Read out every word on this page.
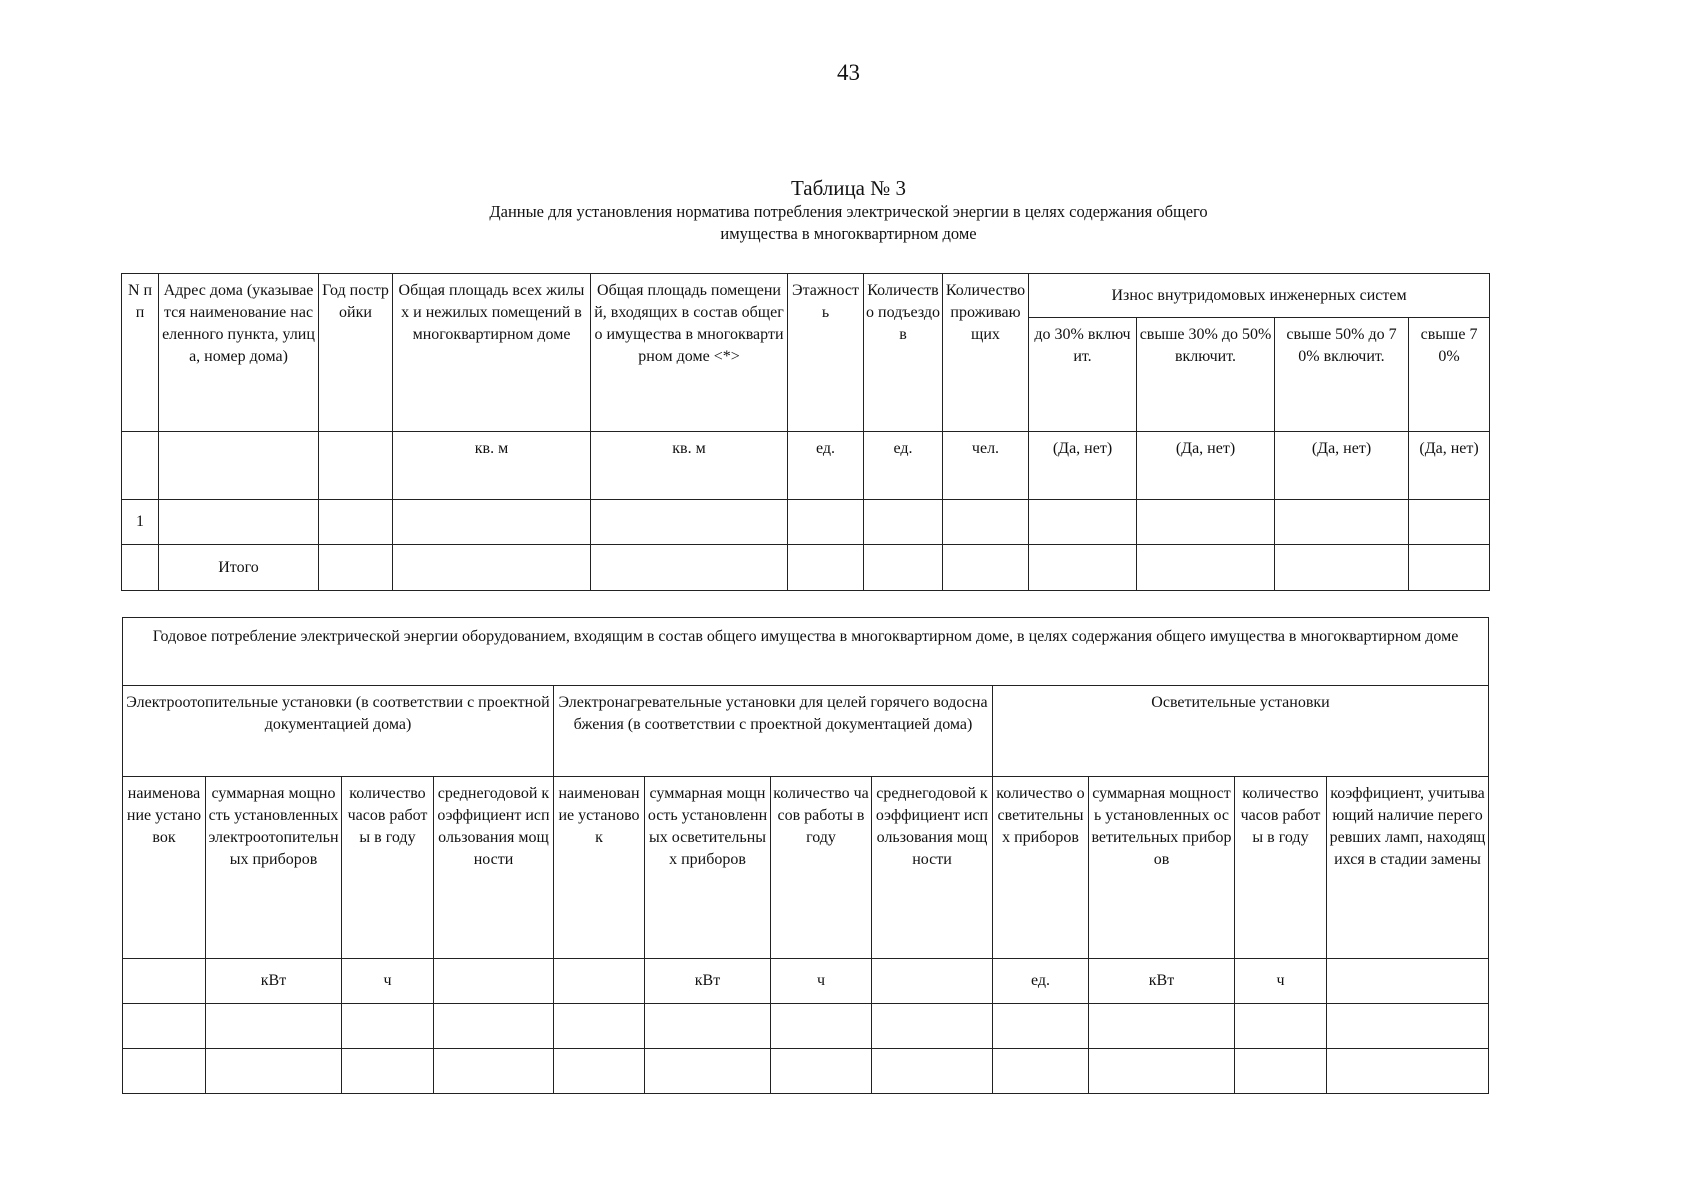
43
Таблица № 3
Данные для установления норматива потребления электрической энергии в целях содержания общего имущества в многоквартирном доме
N пп	Адрес дома (указывается наименование населенного пункта, улица, номер дома)	Год постройки	Общая площадь всех жилых и нежилых помещений в многоквартирном доме	Общая площадь помещений, входящих в состав общего имущества в многоквартирном доме <*>	Этажность	Количество подъездов	Количество проживающих	Износ внутридомовых инженерных систем			
								до 30% включит.	свыше 30% до 50% включит.	свыше 50% до 70% включит.	свыше 70%
			кв. м	кв. м	ед.	ед.	чел.	(Да, нет)	(Да, нет)	(Да, нет)	(Да, нет)
1											
	Итого										
Годовое потребление электрической энергии оборудованием, входящим в состав общего имущества в многоквартирном доме, в целях содержания общего имущества в многоквартирном доме											
Электроотопительные установки (в соответствии с проектной документацией дома)				Электронагревательные установки для целей горячего водоснабжения (в соответствии с проектной документацией дома)				Осветительные установки			
наименование установок	суммарная мощность установленных электроотопительных приборов	количество часов работы в году	среднегодовой коэффициент использования мощности	наименование установок	суммарная мощность установленных осветительных приборов	количество часов работы в году	среднегодовой коэффициент использования мощности	количество осветительных приборов	суммарная мощность установленных осветительных приборов	количество часов работы в году	коэффициент, учитывающий наличие перегоревших ламп, находящихся в стадии замены
	кВт	ч			кВт	ч		ед.	кВт	ч	
